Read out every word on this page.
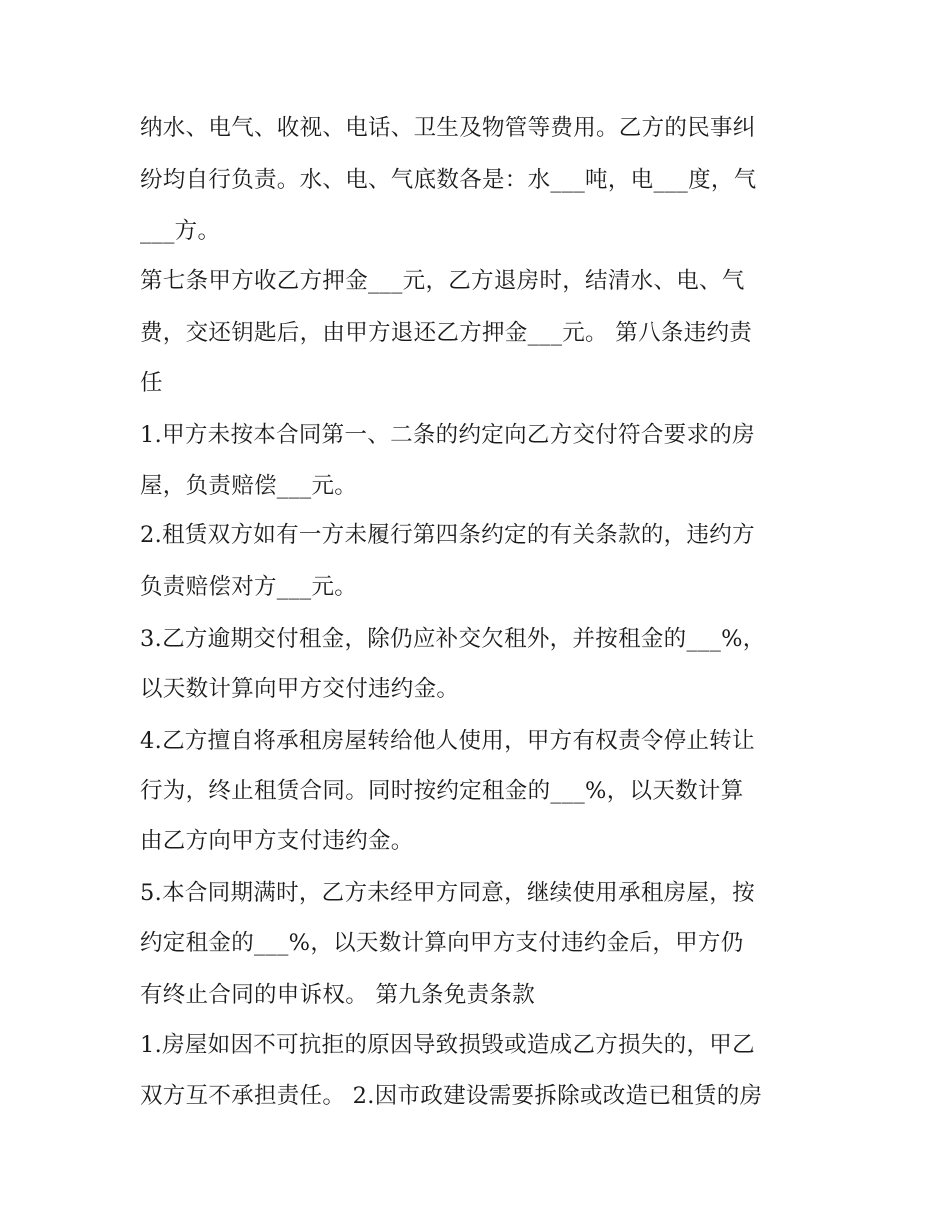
纳水、电气、收视、电话、卫生及物管等费用。乙方的民事纠
纷均自行负责。水、电、气底数各是：水___吨，电___度，气
___方。
第七条甲方收乙方押金___元，乙方退房时，结清水、电、气
费，交还钥匙后，由甲方退还乙方押金___元。 第八条违约责
任
1.甲方未按本合同第一、二条的约定向乙方交付符合要求的房
屋，负责赔偿___元。
2.租赁双方如有一方未履行第四条约定的有关条款的，违约方
负责赔偿对方___元。
3.乙方逾期交付租金，除仍应补交欠租外，并按租金的___%，
以天数计算向甲方交付违约金。
4.乙方擅自将承租房屋转给他人使用，甲方有权责令停止转让
行为，终止租赁合同。同时按约定租金的___%，以天数计算
由乙方向甲方支付违约金。
5.本合同期满时，乙方未经甲方同意，继续使用承租房屋，按
约定租金的___%，以天数计算向甲方支付违约金后，甲方仍
有终止合同的申诉权。 第九条免责条款
1.房屋如因不可抗拒的原因导致损毁或造成乙方损失的，甲乙
双方互不承担责任。 2.因市政建设需要拆除或改造已租赁的房
